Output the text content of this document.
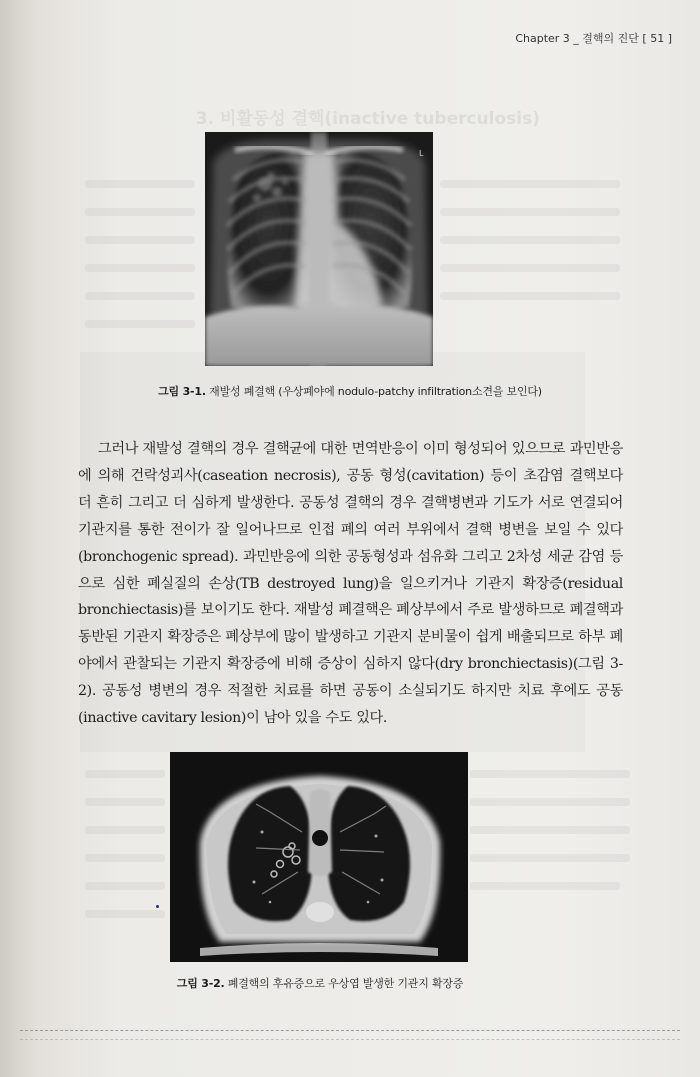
Chapter 3 _ 결핵의 진단 [ 51 ]
3. 비활동성 결핵(inactive tuberculosis)
L
그림 3-1. 재발성 폐결핵 (우상폐야에 nodulo-patchy infiltration소견을 보인다)

그러나 재발성 결핵의 경우 결핵균에 대한 면역반응이 이미 형성되어 있으므로 과민반응에 의해 건락성괴사(caseation necrosis), 공동 형성(cavitation) 등이 초감염 결핵보다 더 흔히 그리고 더 심하게 발생한다. 공동성 결핵의 경우 결핵병변과 기도가 서로 연결되어 기관지를 통한 전이가 잘 일어나므로 인접 폐의 여러 부위에서 결핵 병변을 보일 수 있다(bronchogenic spread). 과민반응에 의한 공동형성과 섬유화 그리고 2차성 세균 감염 등으로 심한 폐실질의 손상(TB destroyed lung)을 일으키거나 기관지 확장증(residual bronchiectasis)를 보이기도 한다. 재발성 폐결핵은 폐상부에서 주로 발생하므로 폐결핵과 동반된 기관지 확장증은 폐상부에 많이 발생하고 기관지 분비물이 쉽게 배출되므로 하부 폐야에서 관찰되는 기관지 확장증에 비해 증상이 심하지 않다(dry bronchiectasis)(그림 3-2). 공동성 병변의 경우 적절한 치료를 하면 공동이 소실되기도 하지만 치료 후에도 공동(inactive cavitary lesion)이 남아 있을 수도 있다.

그림 3-2. 폐결핵의 후유증으로 우상엽 발생한 기관지 확장증
